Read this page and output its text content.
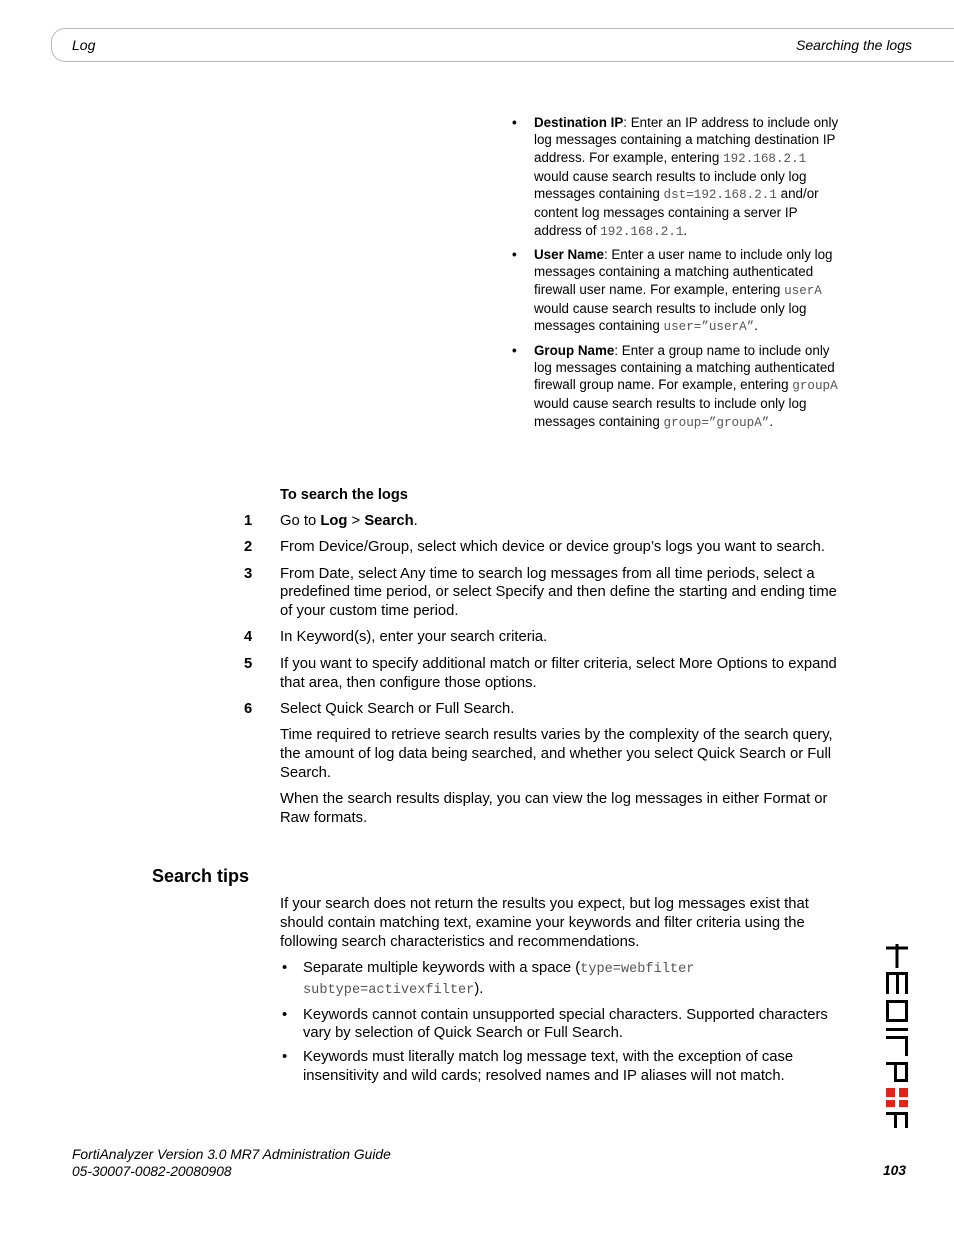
Log	Searching the logs
• Destination IP: Enter an IP address to include only log messages containing a matching destination IP address. For example, entering 192.168.2.1 would cause search results to include only log messages containing dst=192.168.2.1 and/or content log messages containing a server IP address of 192.168.2.1.
• User Name: Enter a user name to include only log messages containing a matching authenticated firewall user name. For example, entering userA would cause search results to include only log messages containing user=”userA”.
• Group Name: Enter a group name to include only log messages containing a matching authenticated firewall group name. For example, entering groupA would cause search results to include only log messages containing group=”groupA”.
To search the logs
1 Go to Log > Search.
2 From Device/Group, select which device or device group’s logs you want to search.
3 From Date, select Any time to search log messages from all time periods, select a predefined time period, or select Specify and then define the starting and ending time of your custom time period.
4 In Keyword(s), enter your search criteria.
5 If you want to specify additional match or filter criteria, select More Options to expand that area, then configure those options.
6 Select Quick Search or Full Search.
Time required to retrieve search results varies by the complexity of the search query, the amount of log data being searched, and whether you select Quick Search or Full Search.
When the search results display, you can view the log messages in either Format or Raw formats.
Search tips
If your search does not return the results you expect, but log messages exist that should contain matching text, examine your keywords and filter criteria using the following search characteristics and recommendations.
• Separate multiple keywords with a space (type=webfilter subtype=activexfilter).
• Keywords cannot contain unsupported special characters. Supported characters vary by selection of Quick Search or Full Search.
• Keywords must literally match log message text, with the exception of case insensitivity and wild cards; resolved names and IP aliases will not match.
FortiAnalyzer Version 3.0 MR7 Administration Guide
05-30007-0082-20080908	103
